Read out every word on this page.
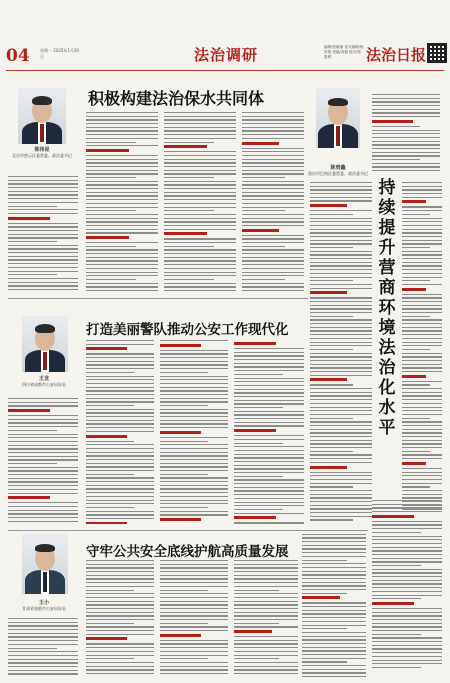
04	星期一 2025年1月20日	法治调研	编辑/张晓丽 见习编辑/杨欣悦 美编/高磊 校对/张胜利	法治日报
陈伟昆
北京市密云区委常委、政法委书记
积极构建法治保水共同体
陈贵鑫
重庆市巴南区委常委、政法委书记
持续提升营商环境法治化水平
王龙
四川省成都市公安局局长
打造美丽警队推动公安工作现代化
王小
甘肃省张掖市公安局局长
守牢公共安全底线护航高质量发展
